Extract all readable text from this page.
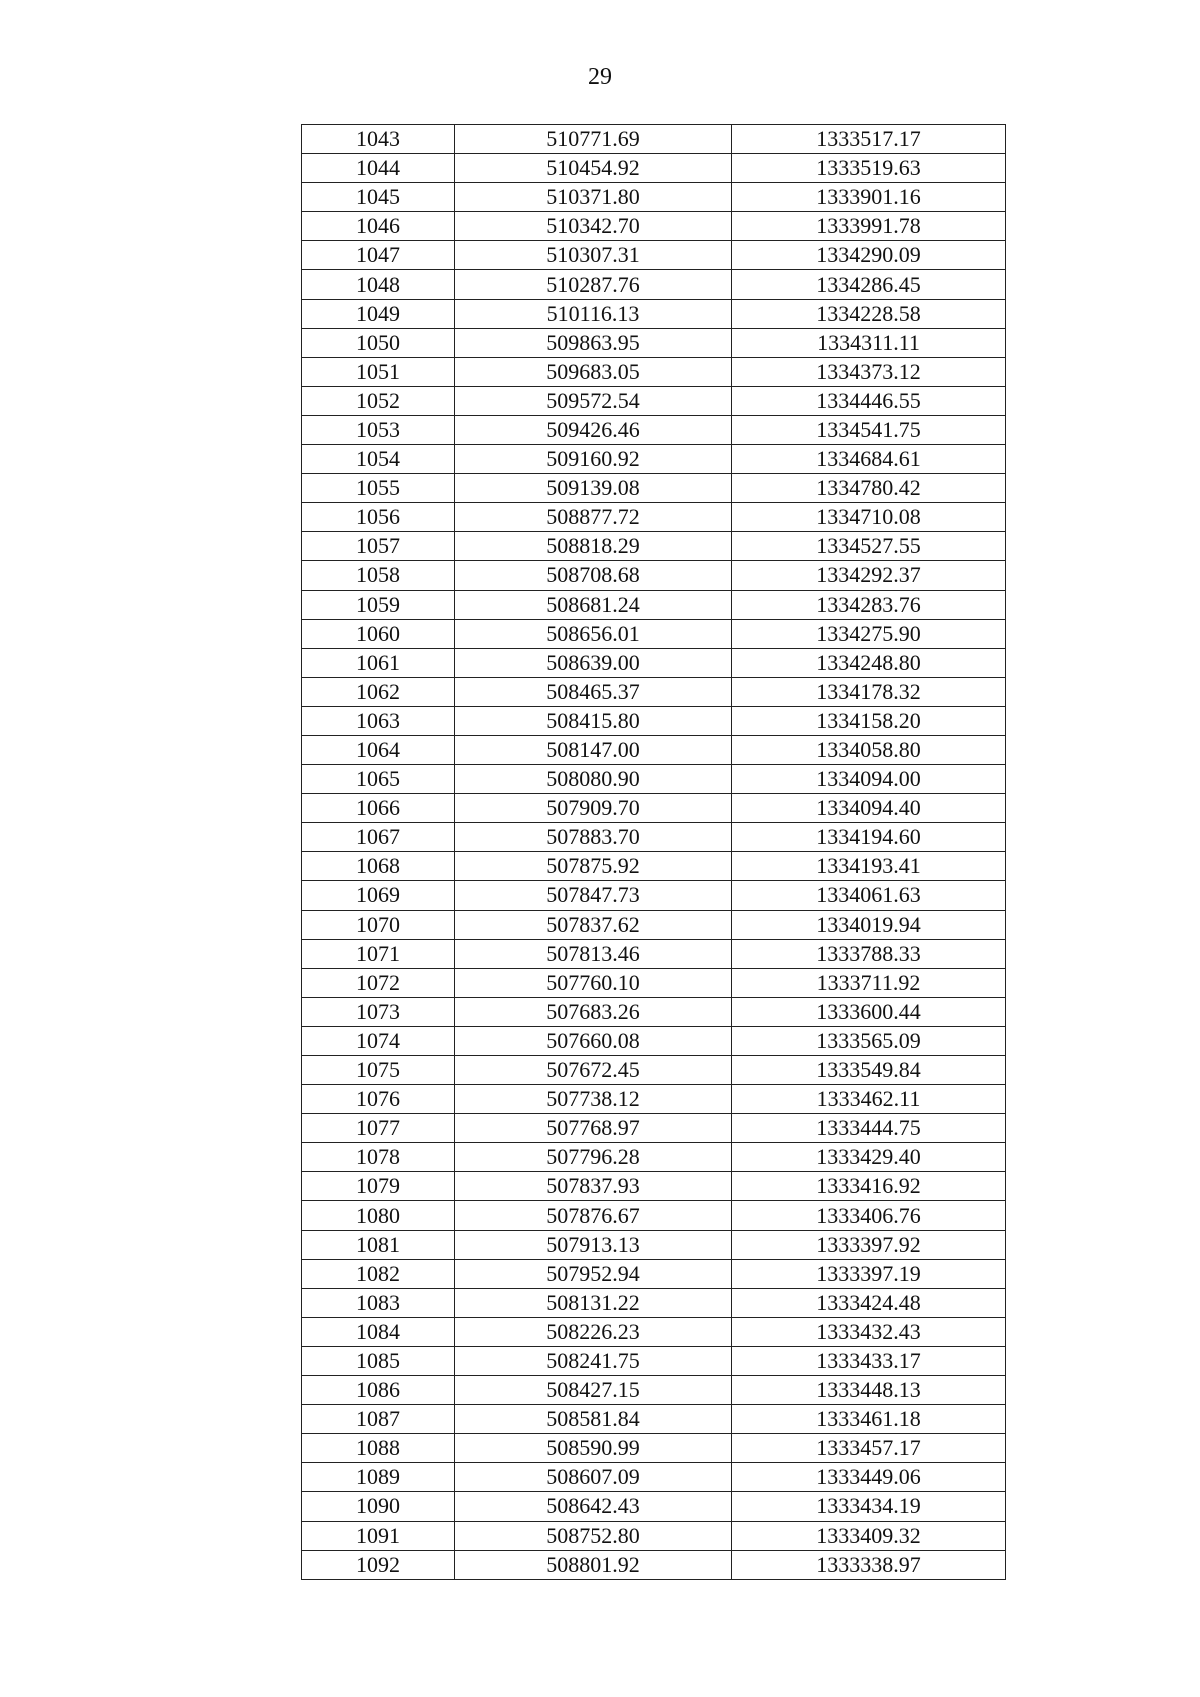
29
1043	510771.69	1333517.17
1044	510454.92	1333519.63
1045	510371.80	1333901.16
1046	510342.70	1333991.78
1047	510307.31	1334290.09
1048	510287.76	1334286.45
1049	510116.13	1334228.58
1050	509863.95	1334311.11
1051	509683.05	1334373.12
1052	509572.54	1334446.55
1053	509426.46	1334541.75
1054	509160.92	1334684.61
1055	509139.08	1334780.42
1056	508877.72	1334710.08
1057	508818.29	1334527.55
1058	508708.68	1334292.37
1059	508681.24	1334283.76
1060	508656.01	1334275.90
1061	508639.00	1334248.80
1062	508465.37	1334178.32
1063	508415.80	1334158.20
1064	508147.00	1334058.80
1065	508080.90	1334094.00
1066	507909.70	1334094.40
1067	507883.70	1334194.60
1068	507875.92	1334193.41
1069	507847.73	1334061.63
1070	507837.62	1334019.94
1071	507813.46	1333788.33
1072	507760.10	1333711.92
1073	507683.26	1333600.44
1074	507660.08	1333565.09
1075	507672.45	1333549.84
1076	507738.12	1333462.11
1077	507768.97	1333444.75
1078	507796.28	1333429.40
1079	507837.93	1333416.92
1080	507876.67	1333406.76
1081	507913.13	1333397.92
1082	507952.94	1333397.19
1083	508131.22	1333424.48
1084	508226.23	1333432.43
1085	508241.75	1333433.17
1086	508427.15	1333448.13
1087	508581.84	1333461.18
1088	508590.99	1333457.17
1089	508607.09	1333449.06
1090	508642.43	1333434.19
1091	508752.80	1333409.32
1092	508801.92	1333338.97
